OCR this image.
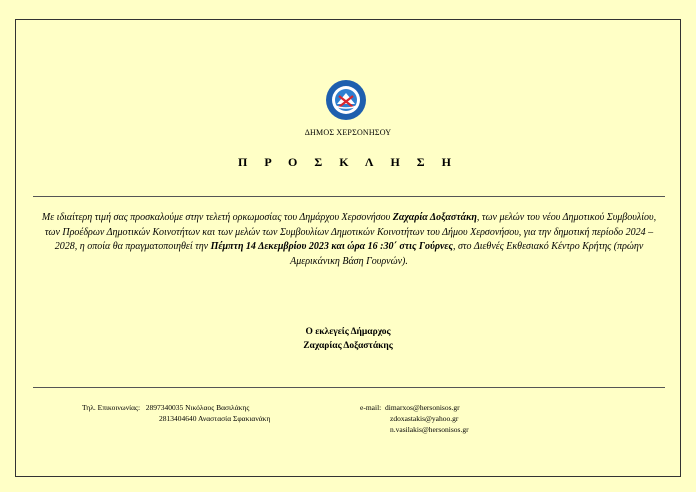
ΔΗΜΟΣ ΧΕΡΣΟΝΗΣΟΥ
Π Ρ Ο Σ Κ Λ Η Σ Η
Με ιδιαίτερη τιμή σας προσκαλούμε στην τελετή ορκωμοσίας του Δημάρχου Χερσονήσου Ζαχαρία Δοξαστάκη, των μελών του νέου Δημοτικού Συμβουλίου, των Προέδρων Δημοτικών Κοινοτήτων και των μελών των Συμβουλίων Δημοτικών Κοινοτήτων του Δήμου Χερσονήσου, για την δημοτική περίοδο 2024 – 2028, η οποία θα πραγματοποιηθεί την Πέμπτη 14 Δεκεμβρίου 2023 και ώρα 16 :30΄ στις Γούρνες, στο Διεθνές Εκθεσιακό Κέντρο Κρήτης (πρώην Αμερικάνικη Βάση Γουρνών).
Ο εκλεγείς Δήμαρχος
Ζαχαρίας Δοξαστάκης
Τηλ. Επικοινωνίας: 2897340035 Νικόλαος Βασιλάκης
2813404640 Αναστασία Σφακιανάκη
e-mail: dimarxos@hersonisos.gr
zdoxastakis@yahoo.gr
n.vasilakis@hersonisos.gr
